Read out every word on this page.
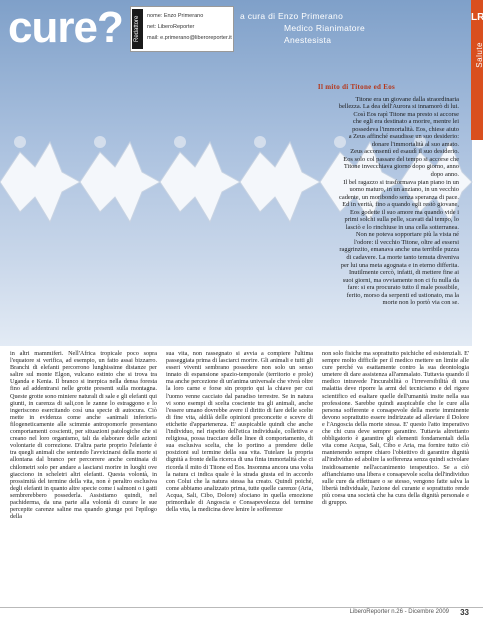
cure?	Redattore	nome: Enzo Primerano
net: LiberoReporter
mail: e.primerano@liberoreporter.it
a cura di Enzo Primerano
Medico Rianimatore
Anestesista
Il mito di Titone ed Eos

Titone era un giovane dalla straordinaria
bellezza. La dea dell'Aurora si innamorò di lui.
Così Eos rapì Titone ma presto si accorse
che egli era destinato a morire, mentre lei
possedeva l'immortalità. Eos, chiese aiuto
a Zeus affinché esaudisse un suo desiderio:
donare l'immortalità al suo amato.
Zeus acconsentì ed esaudì il suo desiderio.
Eos solo col passare del tempo si accorse che
Titone invecchiava giorno dopo giorno, anno
dopo anno.
Il bel ragazzo si trasformava pian piano in un
uomo maturo, in un anziano, in un vecchio
cadente, un moribondo senza speranza di pace.
Ed in verità, fino a quando egli restò giovane,
Eos godette il suo amore ma quando vide i
primi solchi sulla pelle, scavati dal tempo, lo
lasciò e lo rinchiuse in una cella sotterranea.
Non ne poteva sopportare più la vista né
l'odore: il vecchio Titone, oltre ad essersi
raggrinzito, emanava anche una terribile puzza
di cadavere. La morte tanto temuta diveniva
per lui una meta agognata e in eterno differita.
Inutilmente cercò, infatti, di mettere fine ai
suoi giorni, ma ovviamente non ci fu nulla da
fare: si era procurato tutto il male possibile,
ferito, morso da serpenti ed ustionato, ma la
morte non lo portò via con se.

LR
Salute
in altri mammiferi. Nell'Africa tropicale poco sopra l'equatore si verifica, ad esempio, un fatto assai bizzarro. Branchi di elefanti percorrono lunghissime distanze per salire sul monte Elgon, vulcano estinto che si trova tra Uganda e Kenia. Il branco si inerpica nella densa foresta fino ad addentrarsi nelle grotte presenti sulla montagna. Queste grotte sono miniere naturali di sale e gli elefanti qui giunti, in carenza di sali,con le zanne lo estraggono e lo ingeriscono esercitando così una specie di autocura. Ciò mette in evidenza come anche «animali inferiori» filogeneticamente alle scimmie antropomorfe presentano comportamenti coscienti, per situazioni patologiche che si creano nel loro organismo, tali da elaborare delle azioni volontarie di correzione. D'altra parte proprio l'elefante è tra quegli animali che sentendo l'avvicinarsi della morte si allontana dal branco per percorrere anche centinaia di chilometri solo per andare a lasciarsi morire in luoghi ove giacciono in scheletri altri elefanti. Questa volontà, in prossimità del termine della vita, non è peraltro esclusiva degli elefanti in quanto altre specie come i salmoni o i gatti sembrerebbero possederla. Assistiamo quindi, nel pachiderma, da una parte alla volontà di curare le sue percepite carenze saline ma quando giunge poi l'epilogo della
sua vita, non rassegnato si avvia a compiere l'ultima passeggiata prima di lasciarci morire. Gli animali e tutti gli esseri viventi sembrano possedere non solo un senso innato di espansione spazio-temporale (territorio e prole) ma anche percezione di un'anima universale che vivrà oltre la loro carne e forse sin proprio qui la chiave per cui l'uomo venne cacciato dal paradiso terrestre. Se in natura vi sono esempi di scelta cosciente tra gli animali, anche l'essere umano dovrebbe avere il diritto di fare delle scelte di fine vita, aldilà delle opinioni preconcette e scevre di etichette d'appartenenza. E' auspicabile quindi che anche l'individuo, nel rispetto dell'etica individuale, collettiva e religiosa, possa tracciare delle linee di comportamento, di sua esclusiva scelta, che lo portino a prendere delle posizioni sul termine della sua vita. Tutelare la propria dignità a fronte della ricerca di una finta immortalità che ci ricorda il mito di Titone ed Eos. Insomma ancora una volta la natura ci indica quale è la strada giusta ed in accordo con Colui che la natura stessa ha creato. Quindi poiché, come abbiamo analizzato prima, tutte quelle carenze (Aria, Acqua, Sali, Cibo, Dolore) sfociano in quella emozione primordiale di Angoscia e Consapevolezza del termine della vita, la medicina deve lenire le sofferenze
non solo fisiche ma soprattutto psichiche ed esistenziali. E' sempre molto difficile per il medico mettere un limite alle cure perché va esattamente contro la sua deontologia umetere di dare assistenza all'ammalato. Tuttavia quando il medico intravede l'incurabilità o l'irreversibilità di una malattia deve riporre la armi del tecnicismo e del rigore scientifico ed esaltare quelle dell'umanità insite nella sua professione. Sarebbe quindi auspicabile che le cure alla persona sofferente e consapevole della morte imminente devono soprattutto essere indirizzate ad alleviare il Dolore e l'Angoscia della morte stessa. E' questo l'atto imperativo che chi cura deve sempre garantire. Tuttavia altrettanto obbligatorio è garantire gli elementi fondamentali della vita come Acqua, Sali, Cibo e Aria, ma fornire tutto ciò mantenendo sempre chiaro l'obiettivo di garantire dignità all'individuo ed abolire la sofferenza senza quindi scivolare insidiosamente nell'accanimento terapeutico. Se a ciò affianchiamo una libera e consapevole scelta dell'individuo sulle cure da effettuare o se stesso, vengono fatte salva la libertà individuale, l'azione del curante e soprattutto rende più coesa una società che ha cura della dignità personale e di gruppo.
LiberoReporter n.26 - Dicembre 2009 33
